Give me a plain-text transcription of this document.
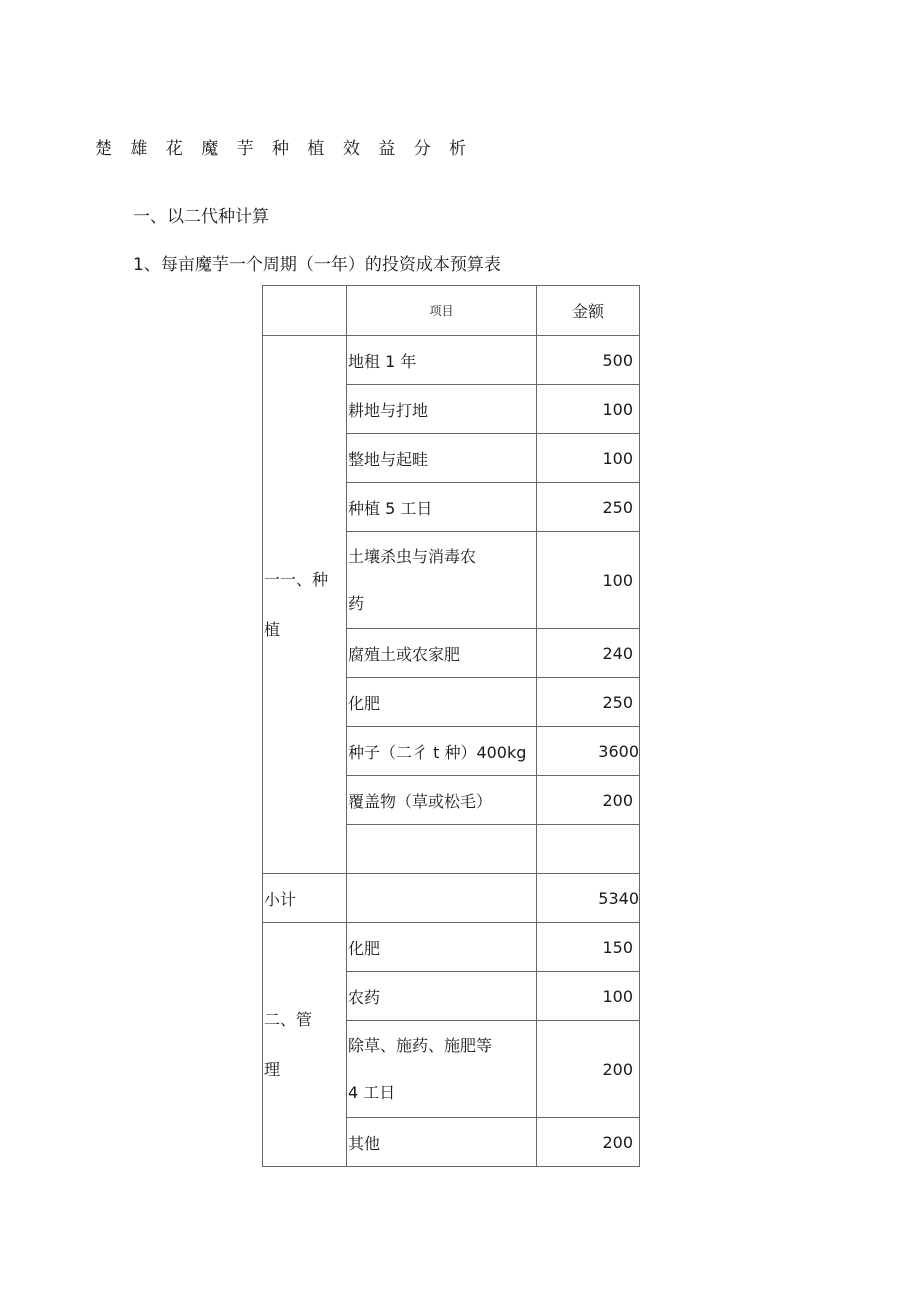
楚 雄 花 魔 芋 种 植 效 益 分 析
一、以二代种计算
1、每亩魔芋一个周期（一年）的投资成本预算表
	项目	金额

一一、种
植	地租 1 年	500
	耕地与打地	100
	整地与起畦	100
	种植 5 工日	250

	土壤杀虫与消毒农
药	100
	腐殖土或农家肥	240
	化肥	250
	种子（二彳 t 种）400kg	3600
	覆盖物（草或松毛）	200

小计		5340

二、管
理	化肥	150
	农药	100

	除草、施药、施肥等
4 工日	200
	其他	200
